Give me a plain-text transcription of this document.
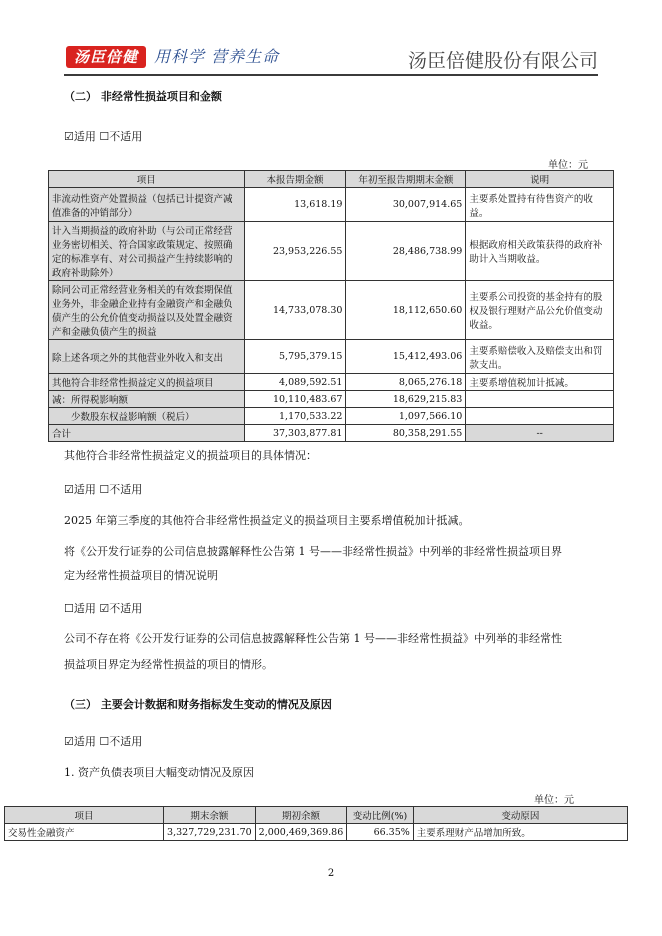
汤臣倍健	用科学 营养生命	汤臣倍健股份有限公司
（二） 非经常性损益项目和金额
☑适用 ☐不适用
单位：元
项目	本报告期金额	年初至报告期期末金额	说明
非流动性资产处置损益（包括已计提资产减值准备的冲销部分）	13,618.19	30,007,914.65	主要系处置持有待售资产的收益。
计入当期损益的政府补助（与公司正常经营业务密切相关、符合国家政策规定、按照确定的标准享有、对公司损益产生持续影响的政府补助除外）	23,953,226.55	28,486,738.99	根据政府相关政策获得的政府补助计入当期收益。
除同公司正常经营业务相关的有效套期保值业务外，非金融企业持有金融资产和金融负债产生的公允价值变动损益以及处置金融资产和金融负债产生的损益	14,733,078.30	18,112,650.60	主要系公司投资的基金持有的股权及银行理财产品公允价值变动收益。
除上述各项之外的其他营业外收入和支出	5,795,379.15	15,412,493.06	主要系赔偿收入及赔偿支出和罚款支出。
其他符合非经常性损益定义的损益项目	4,089,592.51	8,065,276.18	主要系增值税加计抵减。
减：所得税影响额	10,110,483.67	18,629,215.83	
少数股东权益影响额（税后）	1,170,533.22	1,097,566.10	
合计	37,303,877.81	80,358,291.55	--
其他符合非经常性损益定义的损益项目的具体情况：
☑适用 ☐不适用
2025 年第三季度的其他符合非经常性损益定义的损益项目主要系增值税加计抵减。
将《公开发行证券的公司信息披露解释性公告第 1 号——非经常性损益》中列举的非经常性损益项目界
定为经常性损益项目的情况说明
☐适用 ☑不适用
公司不存在将《公开发行证券的公司信息披露解释性公告第 1 号——非经常性损益》中列举的非经常性
损益项目界定为经常性损益的项目的情形。
（三） 主要会计数据和财务指标发生变动的情况及原因
☑适用 ☐不适用
1. 资产负债表项目大幅变动情况及原因
单位：元
项目	期末余额	期初余额	变动比例(%)	变动原因
交易性金融资产	3,327,729,231.70	2,000,469,369.86	66.35%	主要系理财产品增加所致。
2
